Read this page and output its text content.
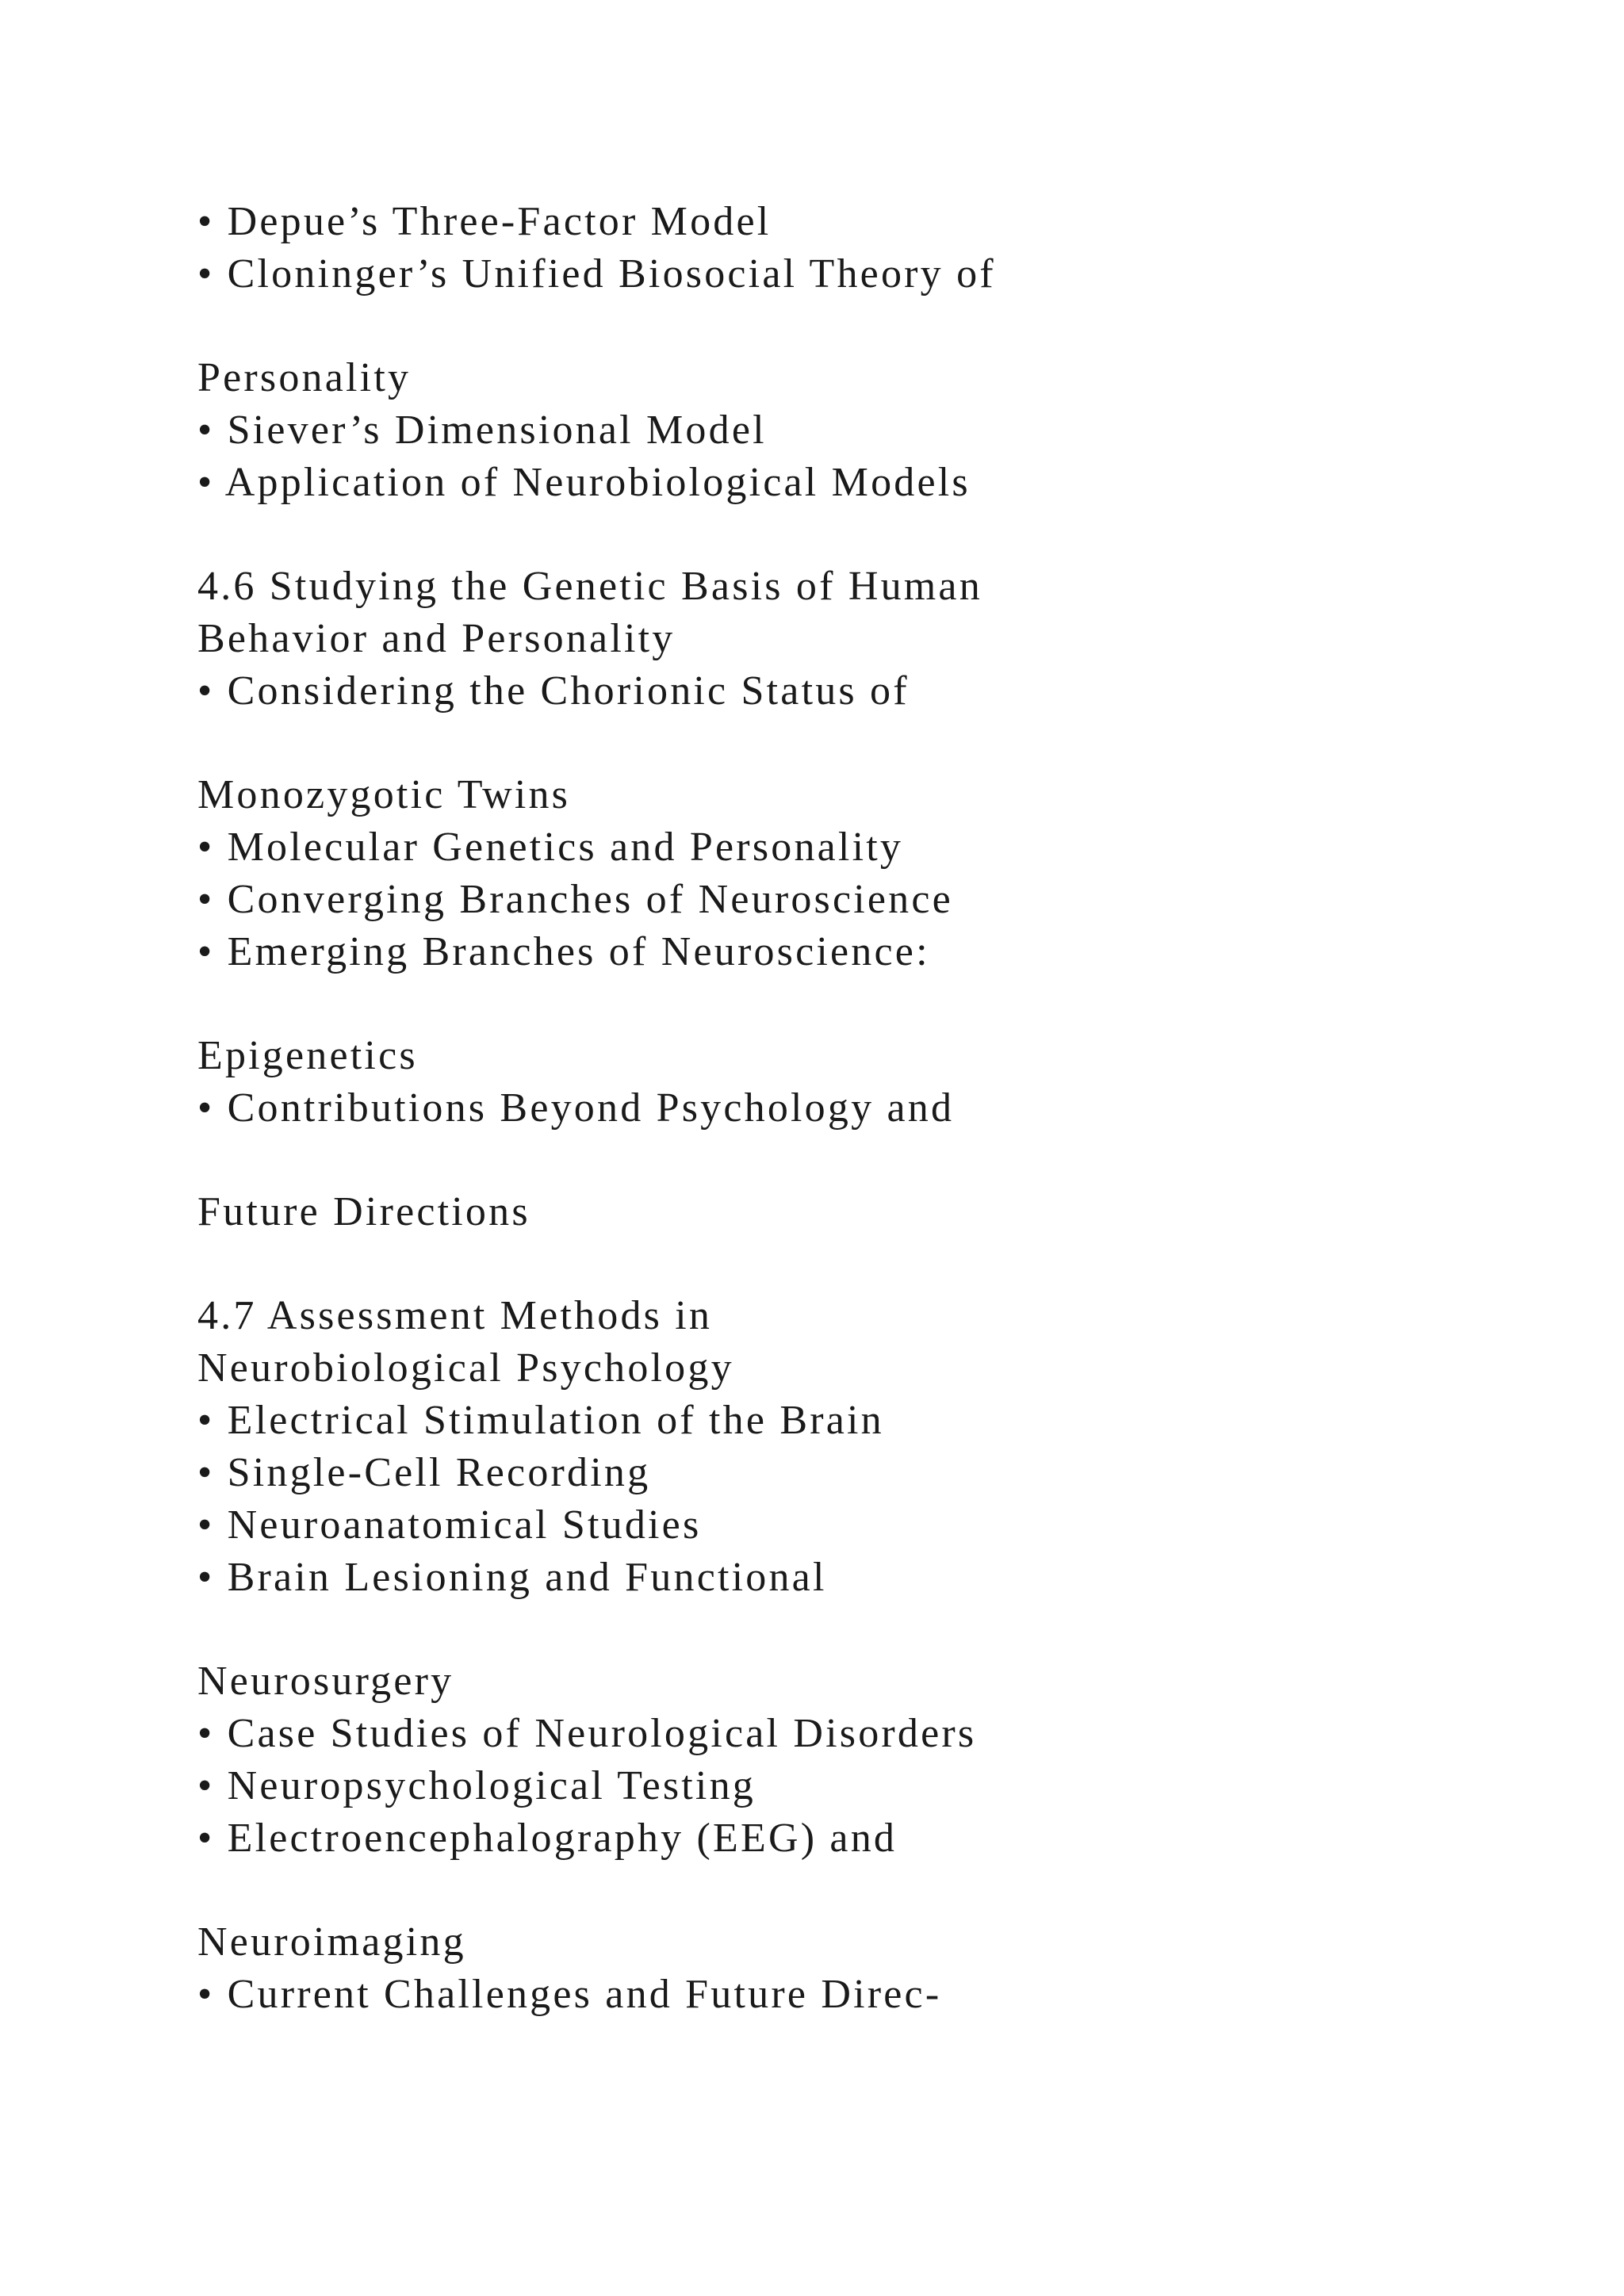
• Depue’s Three-Factor Model
• Cloninger’s Unified Biosocial Theory of
Personality
• Siever’s Dimensional Model
• Application of Neurobiological Models
4.6 Studying the Genetic Basis of Human
Behavior and Personality
• Considering the Chorionic Status of
Monozygotic Twins
• Molecular Genetics and Personality
• Converging Branches of Neuroscience
• Emerging Branches of Neuroscience:
Epigenetics
• Contributions Beyond Psychology and
Future Directions
4.7 Assessment Methods in
Neurobiological Psychology
• Electrical Stimulation of the Brain
• Single-Cell Recording
• Neuroanatomical Studies
• Brain Lesioning and Functional
Neurosurgery
• Case Studies of Neurological Disorders
• Neuropsychological Testing
• Electroencephalography (EEG) and
Neuroimaging
• Current Challenges and Future Direc-
